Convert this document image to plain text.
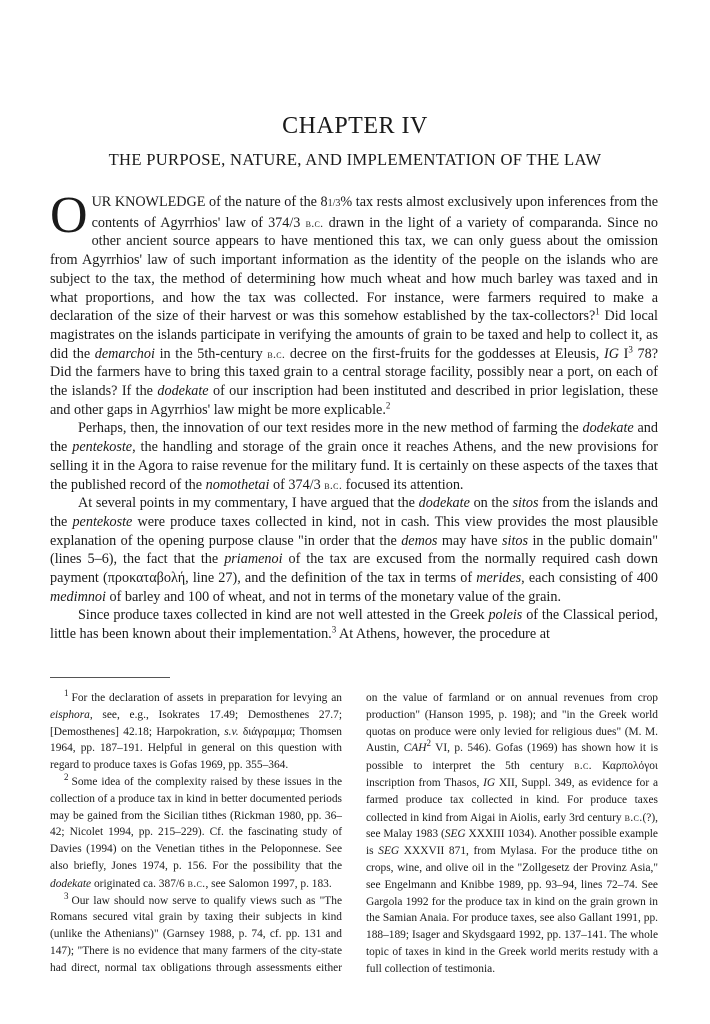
CHAPTER IV
THE PURPOSE, NATURE, AND IMPLEMENTATION OF THE LAW

OUR KNOWLEDGE of the nature of the 81/3% tax rests almost exclusively upon inferences from the contents of Agyrrhios' law of 374/3 b.c. drawn in the light of a variety of comparanda. Since no other ancient source appears to have mentioned this tax, we can only guess about the omission from Agyrrhios' law of such important information as the identity of the people on the islands who are subject to the tax, the method of determining how much wheat and how much barley was taxed and in what proportions, and how the tax was collected. For instance, were farmers required to make a declaration of the size of their harvest or was this somehow established by the tax-collectors?$^1$ Did local magistrates on the islands participate in verifying the amounts of grain to be taxed and help to collect it, as did the demarchoi in the 5th-century b.c. decree on the first-fruits for the goddesses at Eleusis, IG $I^3$ 78? Did the farmers have to bring this taxed grain to a central storage facility, possibly near a port, on each of the islands? If the dodekate of our inscription had been instituted and described in prior legislation, these and other gaps in Agyrrhios' law might be more explicable.$^2$

Perhaps, then, the innovation of our text resides more in the new method of farming the dodekate and the pentekoste, the handling and storage of the grain once it reaches Athens, and the new provisions for selling it in the Agora to raise revenue for the military fund. It is certainly on these aspects of the taxes that the published record of the nomothetai of 374/3 b.c. focused its attention.

At several points in my commentary, I have argued that the dodekate on the sitos from the islands and the pentekoste were produce taxes collected in kind, not in cash. This view provides the most plausible explanation of the opening purpose clause "in order that the demos may have sitos in the public domain" (lines 5–6), the fact that the priamenoi of the tax are excused from the normally required cash down payment (προκαταβολή, line 27), and the definition of the tax in terms of merides, each consisting of 400 medimnoi of barley and 100 of wheat, and not in terms of the monetary value of the grain.

Since produce taxes collected in kind are not well attested in the Greek poleis of the Classical period, little has been known about their implementation.$^3$ At Athens, however, the procedure at

$^1$ For the declaration of assets in preparation for levying an eisphora, see, e.g., Isokrates 17.49; Demosthenes 27.7; [Demosthenes] 42.18; Harpokration, s.v. διάγραμμα; Thomsen 1964, pp. 187–191. Helpful in general on this question with regard to produce taxes is Gofas 1969, pp. 355–364.

$^2$ Some idea of the complexity raised by these issues in the collection of a produce tax in kind in better documented periods may be gained from the Sicilian tithes (Rickman 1980, pp. 36–42; Nicolet 1994, pp. 215–229). Cf. the fascinating study of Davies (1994) on the Venetian tithes in the Peloponnese. See also briefly, Jones 1974, p. 156. For the possibility that the dodekate originated ca. 387/6 b.c., see Salomon 1997, p. 183.

$^3$ Our law should now serve to qualify views such as "The Romans secured vital grain by taxing their subjects in kind (unlike the Athenians)" (Garnsey 1988, p. 74, cf. pp. 131 and 147); "There is no evidence that many farmers of the city-state had direct, normal tax obligations through assessments either on the value of farmland or on annual revenues from crop production" (Hanson 1995, p. 198); and "in the Greek world quotas on produce were only levied for religious dues" (M. M. Austin, CAH$^2$ VI, p. 546). Gofas (1969) has shown how it is possible to interpret the 5th century b.c. Καρπολόγοι inscription from Thasos, IG XII, Suppl. 349, as evidence for a farmed produce tax collected in kind. For produce taxes collected in kind from Aigai in Aiolis, early 3rd century b.c.(?), see Malay 1983 (SEG XXXIII 1034). Another possible example is SEG XXXVII 871, from Mylasa. For the produce tithe on crops, wine, and olive oil in the "Zollgesetz der Provinz Asia," see Engelmann and Knibbe 1989, pp. 93–94, lines 72–74. See Gargola 1992 for the produce tax in kind on the grain grown in the Samian Anaia. For produce taxes, see also Gallant 1991, pp. 188–189; Isager and Skydsgaard 1992, pp. 137–141. The whole topic of taxes in kind in the Greek world merits restudy with a full collection of testimonia.
